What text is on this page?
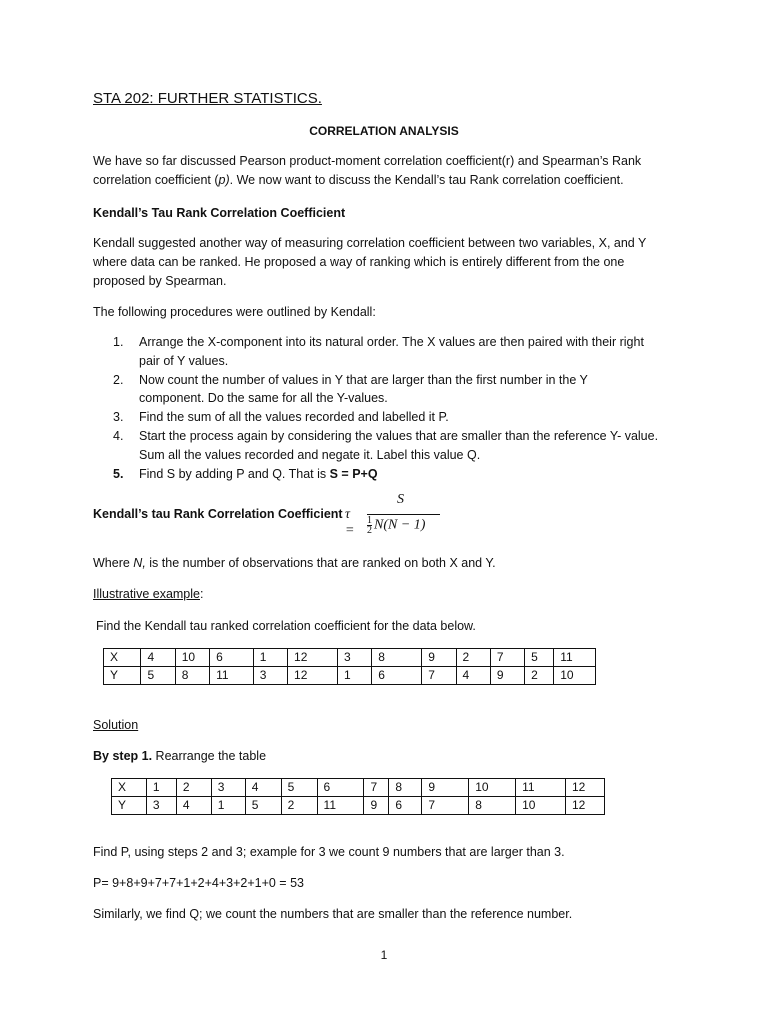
STA 202: FURTHER STATISTICS.
CORRELATION ANALYSIS
We have so far discussed Pearson product-moment correlation coefficient(r) and Spearman’s Rank
correlation coefficient (p). We now want to discuss the Kendall’s tau Rank correlation coefficient.
Kendall’s Tau Rank Correlation Coefficient
Kendall suggested another way of measuring correlation coefficient between two variables, X, and Y
where data can be ranked. He proposed a way of ranking which is entirely different from the one
proposed by Spearman.
The following procedures were outlined by Kendall:
1. Arrange the X-component into its natural order. The X values are then paired with their right
pair of Y values.
2. Now count the number of values in Y that are larger than the first number in the Y
component. Do the same for all the Y-values.
3. Find the sum of all the values recorded and labelled it P.
4. Start the process again by considering the values that are smaller than the reference Y- value.
Sum all the values recorded and negate it. Label this value Q.
5. Find S by adding P and Q. That is S = P+Q
Kendall’s tau Rank Correlation Coefficient τ =
S
$\frac{1}{2} N(N - 1)$
Where N, is the number of observations that are ranked on both X and Y.
Illustrative example:
Find the Kendall tau ranked correlation coefficient for the data below.
X	4	10	6	1	12	3	8	9	2	7	5	11
Y	5	8	11	3	12	1	6	7	4	9	2	10
Solution
By step 1. Rearrange the table
X	1	2	3	4	5	6	7	8	9	10	11	12
Y	3	4	1	5	2	11	9	6	7	8	10	12
Find P, using steps 2 and 3; example for 3 we count 9 numbers that are larger than 3.
P= 9+8+9+7+7+1+2+4+3+2+1+0 = 53
Similarly, we find Q; we count the numbers that are smaller than the reference number.
1
